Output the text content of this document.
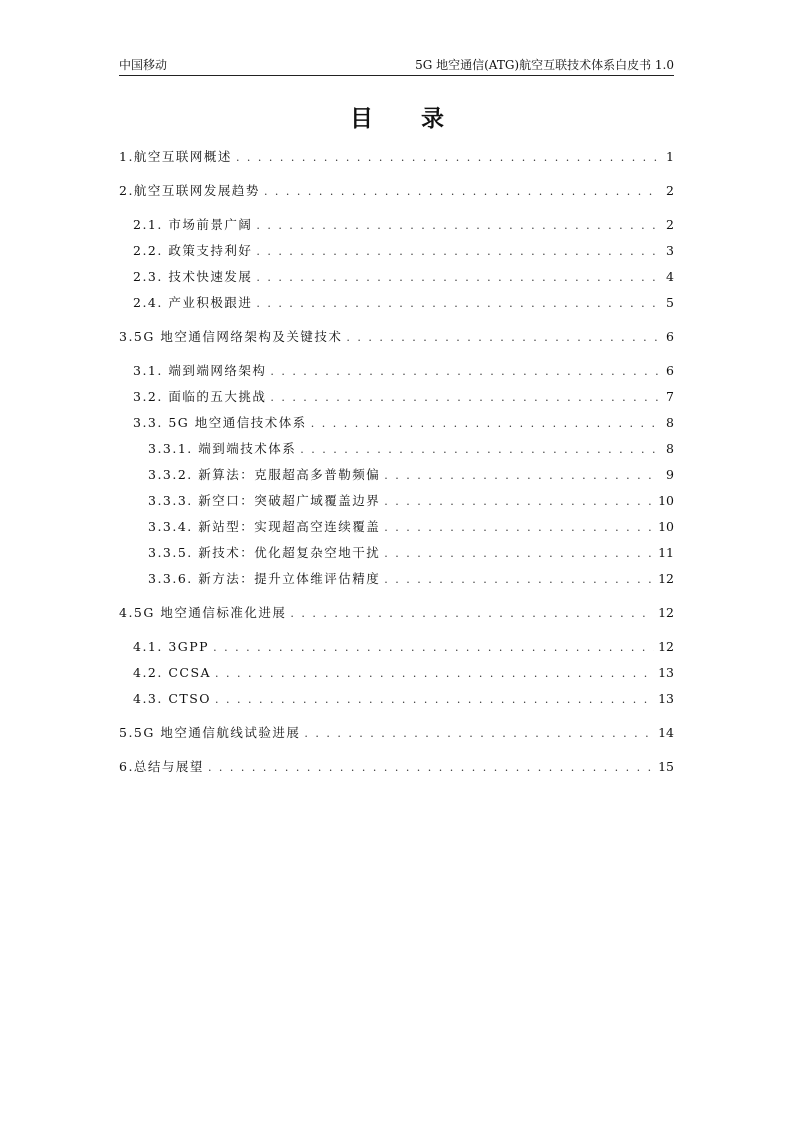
中国移动	5G 地空通信(ATG)航空互联技术体系白皮书 1.0
目 录
1.航空互联网概述 . . .	1
2.航空互联网发展趋势 . . .	2
2.1. 市场前景广阔 . . .	2
2.2. 政策支持利好 . . .	3
2.3. 技术快速发展 . . .	4
2.4. 产业积极跟进 . . .	5
3.5G 地空通信网络架构及关键技术 . . .	6
3.1. 端到端网络架构 . . .	6
3.2. 面临的五大挑战 . . .	7
3.3. 5G 地空通信技术体系 . . .	8
3.3.1. 端到端技术体系 . . .	8
3.3.2. 新算法：克服超高多普勒频偏 . . .	9
3.3.3. 新空口：突破超广域覆盖边界 . . .	10
3.3.4. 新站型：实现超高空连续覆盖 . . .	10
3.3.5. 新技术：优化超复杂空地干扰 . . .	11
3.3.6. 新方法：提升立体维评估精度 . . .	12
4.5G 地空通信标准化进展 . . .	12
4.1. 3GPP . . .	12
4.2. CCSA . . .	13
4.3. CTSO . . .	13
5.5G 地空通信航线试验进展 . . .	14
6.总结与展望 . . .	15
